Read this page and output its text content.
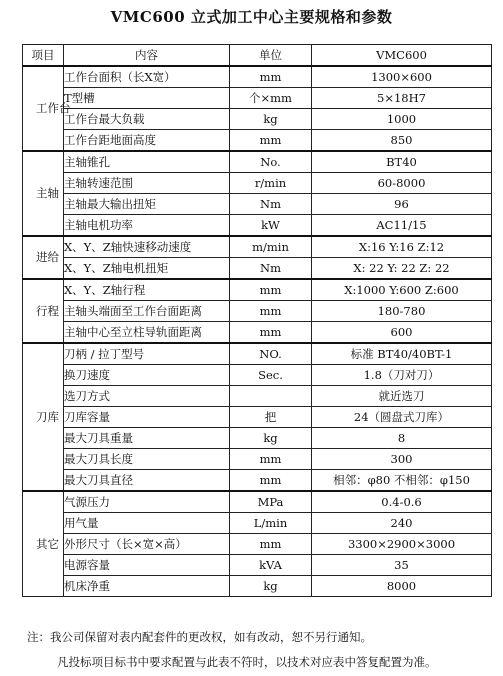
VMC600 立式加工中心主要规格和参数
项目	内容	单位	VMC600

工作台	工作台面积（长X宽）	mm	1300×600
	T型槽	个×mm	5×18H7
	工作台最大负载	kg	1000
	工作台距地面高度	mm	850

主轴	主轴锥孔	No.	BT40
	主轴转速范围	r/min	60-8000
	主轴最大输出扭矩	Nm	96
	主轴电机功率	kW	AC11/15

进给	X、Y、Z轴快速移动速度	m/min	X:16 Y:16 Z:12
	X、Y、Z轴电机扭矩	Nm	X: 22 Y: 22 Z: 22

行程	X、Y、Z轴行程	mm	X:1000 Y:600 Z:600
	主轴头端面至工作台面距离	mm	180-780
	主轴中心至立柱导轨面距离	mm	600

刀库	刀柄 / 拉丁型号	NO.	标准 BT40/40BT-1
	换刀速度	Sec.	1.8（刀对刀）
	选刀方式		就近选刀
	刀库容量	把	24（圆盘式刀库）
	最大刀具重量	kg	8
	最大刀具长度	mm	300
	最大刀具直径	mm	相邻：φ80 不相邻：φ150

其它	气源压力	MPa	0.4-0.6
	用气量	L/min	240
	外形尺寸（长×宽×高）	mm	3300×2900×3000
	电源容量	kVA	35
	机床净重	kg	8000
注：我公司保留对表内配套件的更改权，如有改动，恕不另行通知。
凡投标项目标书中要求配置与此表不符时，以技术对应表中答复配置为准。
